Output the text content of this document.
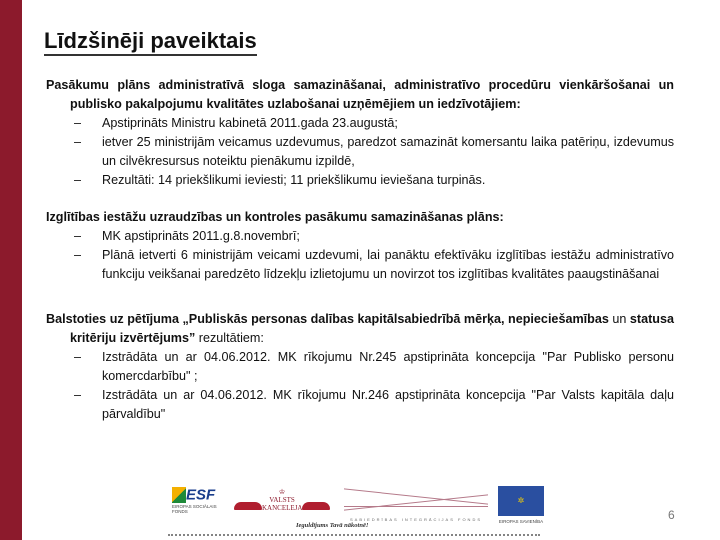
Līdzšinēji paveiktais
Pasākumu plāns administratīvā sloga samazināšanai, administratīvo procedūru vienkāršošanai un publisko pakalpojumu kvalitātes uzlabošanai uzņēmējiem un iedzīvotājiem:
– Apstiprināts Ministru kabinetā 2011.gada 23.augustā;
– ietver 25 ministrijām veicamus uzdevumus, paredzot samazināt komersantu laika patēriņu, izdevumus un cilvēkresursus noteiktu pienākumu izpildē,
– Rezultāti: 14 priekšlikumi ieviesti; 11 priekšlikumu ieviešana turpinās.
Izglītības iestāžu uzraudzības un kontroles pasākumu samazināšanas plāns:
– MK apstiprināts 2011.g.8.novembrī;
– Plānā ietverti 6 ministrijām veicami uzdevumi, lai panāktu efektīvāku izglītības iestāžu administratīvo funkciju veikšanai paredzēto līdzekļu izlietojumu un novirzot tos izglītības kvalitātes paaugstināšanai
Balstoties uz pētījuma „Publiskās personas dalības kapitālsabiedrībā mērķa, nepieciešamības un statusa kritēriju izvērtējums” rezultātiem:
– Izstrādāta un ar 04.06.2012. MK rīkojumu Nr.245 apstiprināta koncepcija "Par Publisko personu komercdarbību" ;
– Izstrādāta un ar 04.06.2012. MK rīkojumu Nr.246 apstiprināta koncepcija "Par Valsts kapitāla daļu pārvaldību"
ESF
EIROPAS SOCIĀLAIS FONDS
♔
VALSTS KANCELEJA
SABIEDRĪBAS INTEGRĀCIJAS FONDS
✲
EIROPAS SAVIENĪBA
Ieguldījums Tavā nākotnē!
6
